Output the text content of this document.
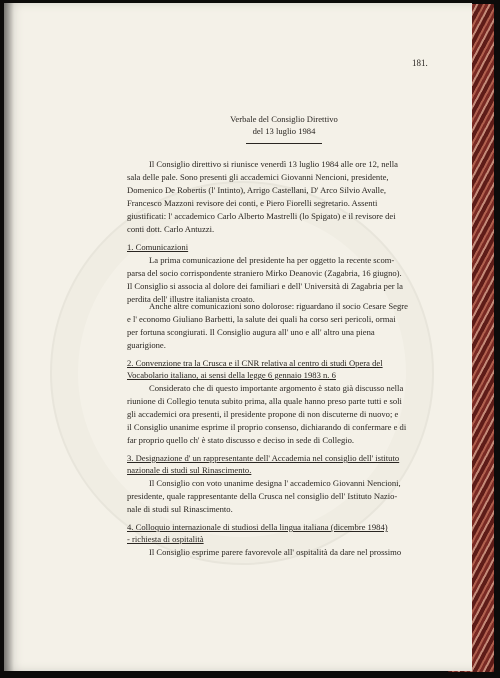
181.
Verbale del Consiglio Direttivo
del 13 luglio 1984
Il Consiglio direttivo si riunisce venerdì 13 luglio 1984 alle ore 12, nella
sala delle pale. Sono presenti gli accademici Giovanni Nencioni, presidente,
Domenico De Robertis (l' Intinto), Arrigo Castellani, D' Arco Silvio Avalle,
Francesco Mazzoni revisore dei conti, e Piero Fiorelli segretario. Assenti
giustificati: l' accademico Carlo Alberto Mastrelli (lo Spigato) e il revisore dei
conti dott. Carlo Antuzzi.
1. Comunicazioni
La prima comunicazione del presidente ha per oggetto la recente scom-
parsa del socio corrispondente straniero Mirko Deanovic (Zagabria, 16 giugno).
Il Consiglio si associa al dolore dei familiari e dell' Università di Zagabria per la
perdita dell' illustre italianista croato.
Anche altre comunicazioni sono dolorose: riguardano il socio Cesare Segre
e l' economo Giuliano Barbetti, la salute dei quali ha corso seri pericoli, ormai
per fortuna scongiurati. Il Consiglio augura all' uno e all' altro una piena
guarigione.
2. Convenzione tra la Crusca e il CNR relativa al centro di studi Opera del
Vocabolario italiano, ai sensi della legge 6 gennaio 1983 n. 6
Considerato che di questo importante argomento è stato già discusso nella
riunione di Collegio tenuta subito prima, alla quale hanno preso parte tutti e soli
gli accademici ora presenti, il presidente propone di non discuterne di nuovo; e
il Consiglio unanime esprime il proprio consenso, dichiarando di confermare e di
far proprio quello ch' è stato discusso e deciso in sede di Collegio.
3. Designazione d' un rappresentante dell' Accademia nel consiglio dell' istituto
nazionale di studi sul Rinascimento.
Il Consiglio con voto unanime designa l' accademico Giovanni Nencioni,
presidente, quale rappresentante della Crusca nel consiglio dell' Istituto Nazio-
nale di studi sul Rinascimento.
4. Colloquio internazionale di studiosi della lingua italiana (dicembre 1984)
- richiesta di ospitalità
Il Consiglio esprime parere favorevole all' ospitalità da dare nel prossimo
